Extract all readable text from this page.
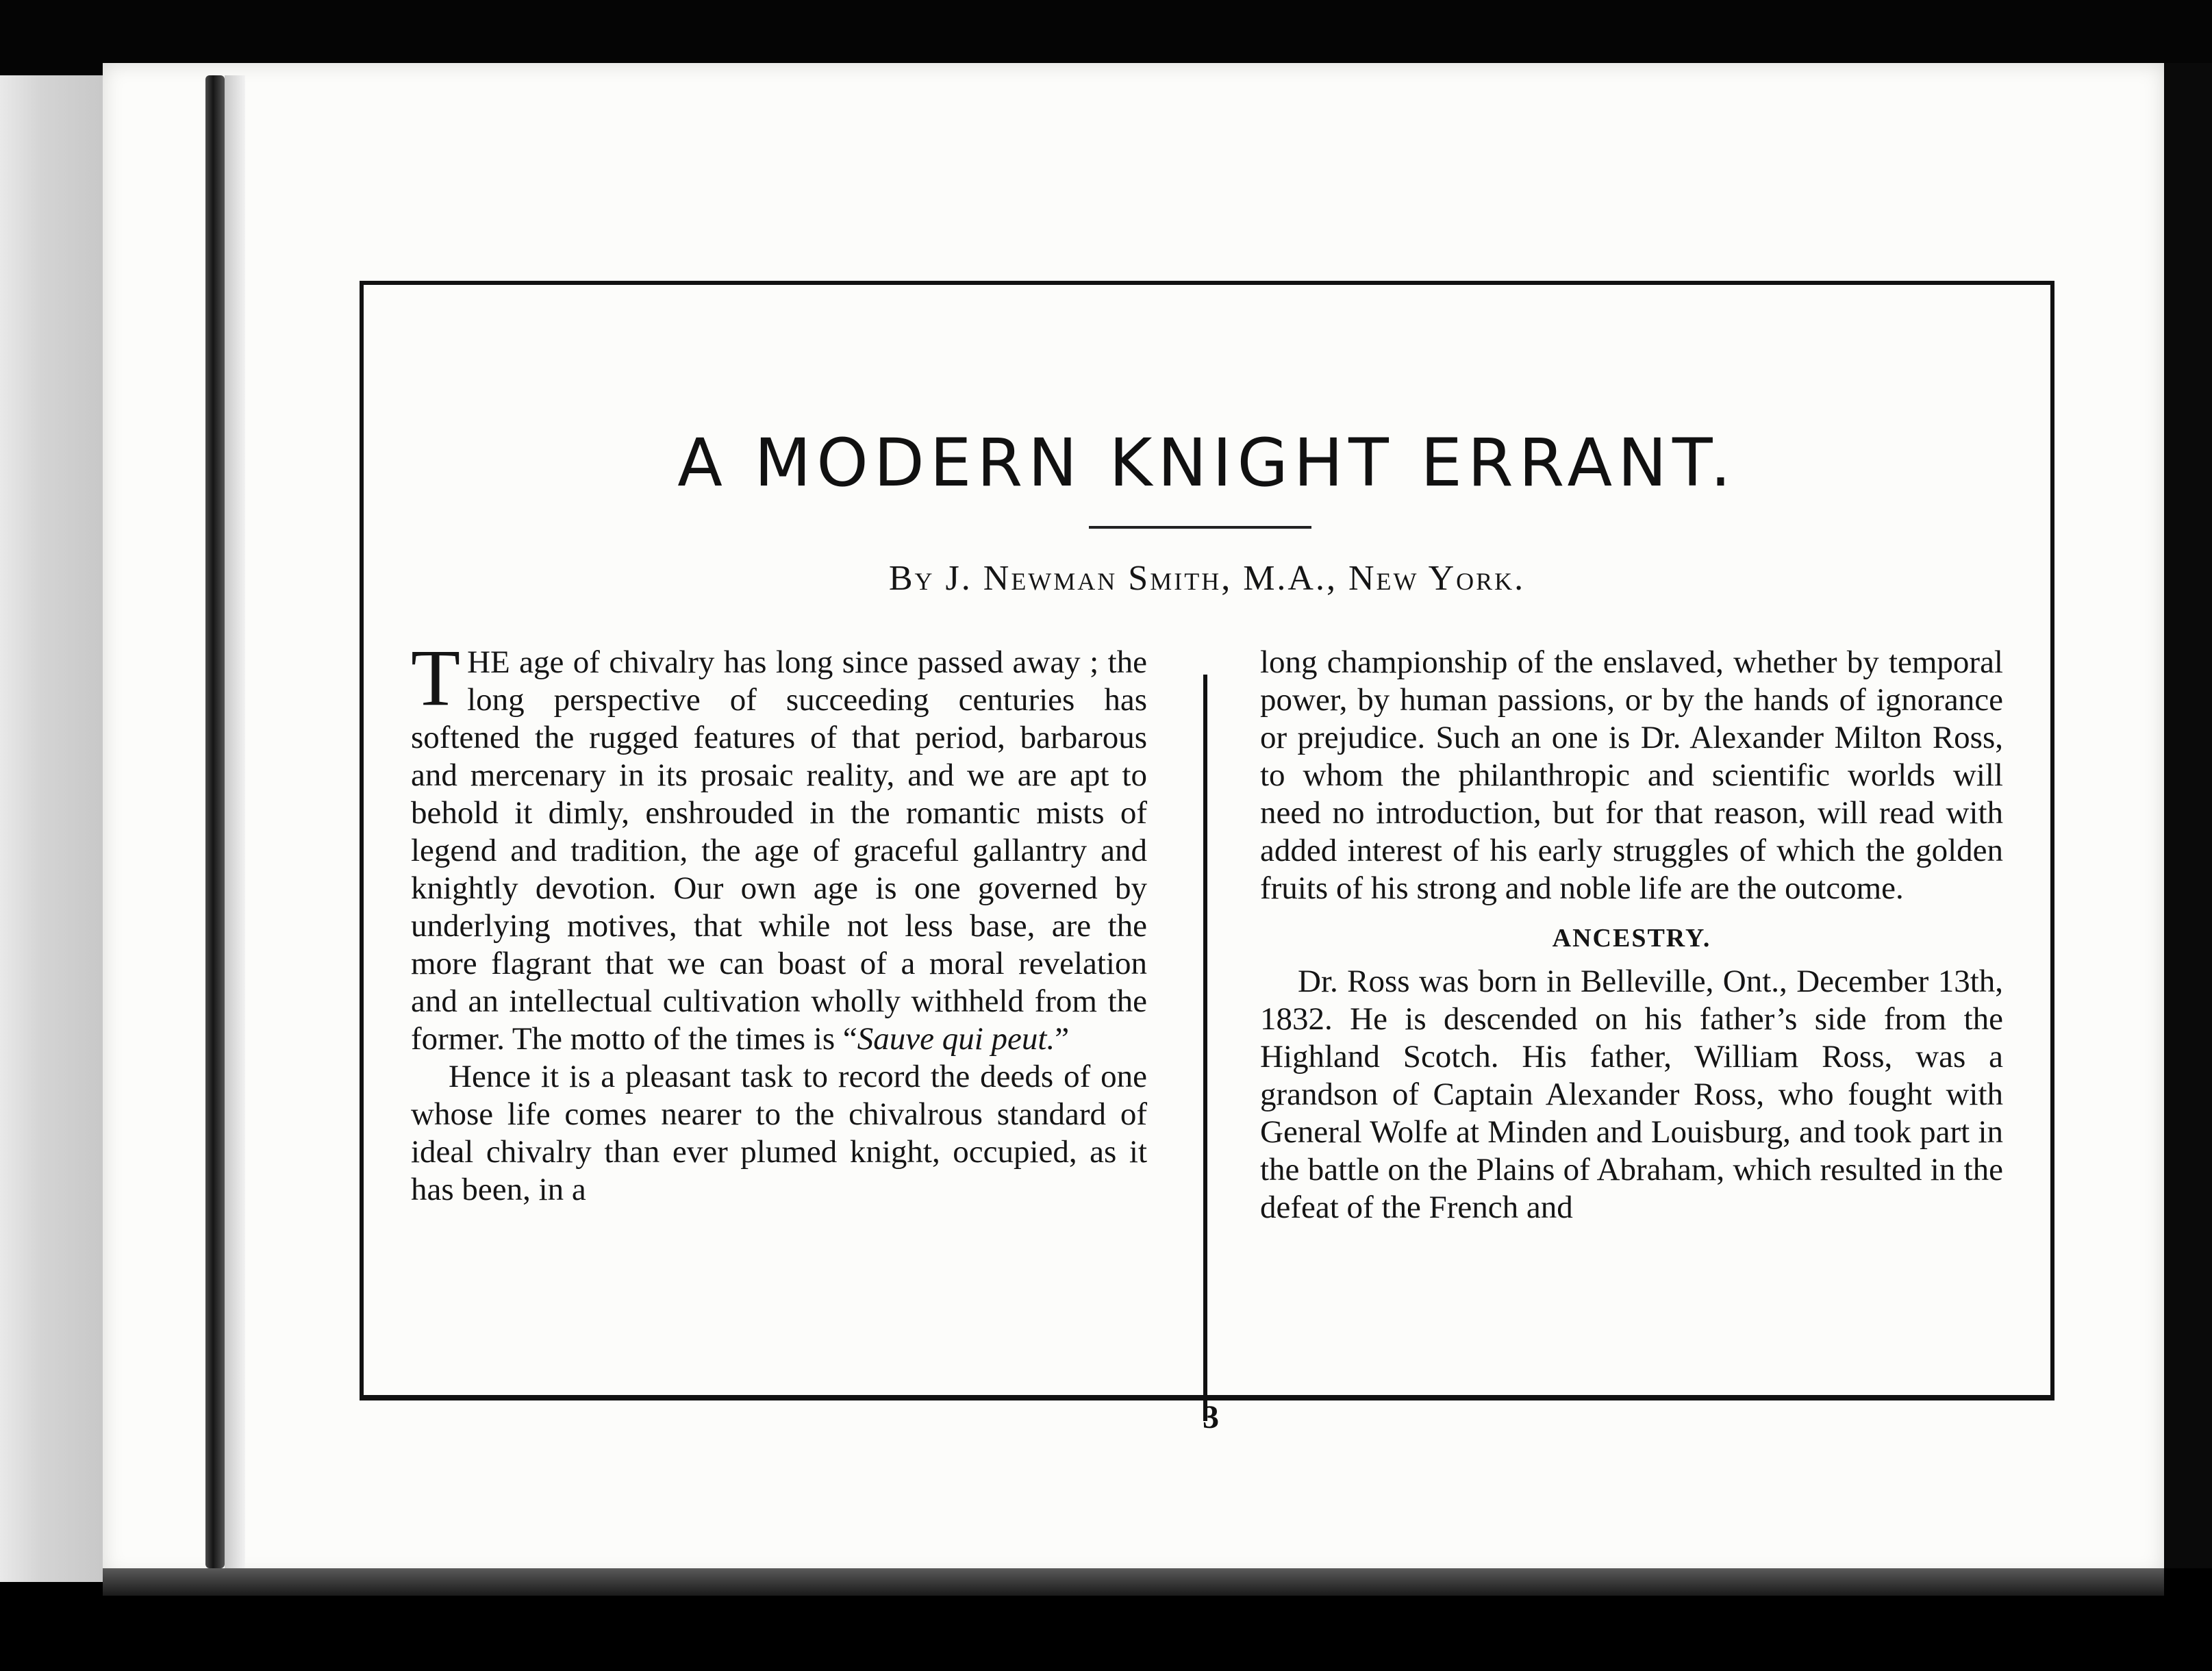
A MODERN KNIGHT ERRANT.
By J. Newman Smith, M.A., New York.

THE age of chivalry has long since passed away ; the long perspective of succeeding centuries has softened the rugged features of that period, barbarous and mercenary in its prosaic reality, and we are apt to behold it dimly, enshrouded in the romantic mists of legend and tradition, the age of graceful gallantry and knightly devotion. Our own age is one governed by underlying motives, that while not less base, are the more flagrant that we can boast of a moral revelation and an intellectual cultivation wholly withheld from the former. The motto of the times is “Sauve qui peut.”

Hence it is a pleasant task to record the deeds of one whose life comes nearer to the chivalrous standard of ideal chivalry than ever plumed knight, occupied, as it has been, in a

long championship of the enslaved, whether by temporal power, by human passions, or by the hands of ignorance or prejudice. Such an one is Dr. Alexander Milton Ross, to whom the philanthropic and scientific worlds will need no introduction, but for that reason, will read with added interest of his early struggles of which the golden fruits of his strong and noble life are the outcome.

ANCESTRY.

Dr. Ross was born in Belleville, Ont., December 13th, 1832. He is descended on his father’s side from the Highland Scotch. His father, William Ross, was a grandson of Captain Alexander Ross, who fought with General Wolfe at Minden and Louisburg, and took part in the battle on the Plains of Abraham, which resulted in the defeat of the French and

3
